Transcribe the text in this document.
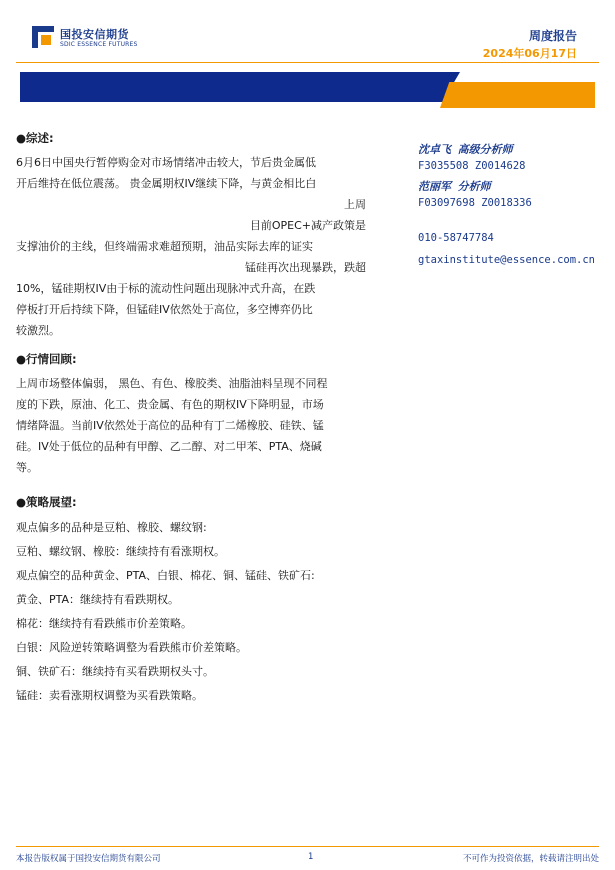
国投安信期货
SDIC ESSENCE FUTURES
周度报告
2024年06月17日
商品期权周度报告
●综述:
6月6日中国央行暂停购金对市场情绪冲击较大，节后贵金属低
开后维持在低位震荡。 贵金属期权IV继续下降，与黄金相比白
上周
目前OPEC+减产政策是
支撑油价的主线，但终端需求难超预期，油品实际去库的证实
锰硅再次出现暴跌，跌超
10%，锰硅期权IV由于标的流动性问题出现脉冲式升高，在跌
停板打开后持续下降，但锰硅IV依然处于高位，多空博弈仍比
较激烈。
●行情回顾:
上周市场整体偏弱， 黑色、有色、橡胶类、油脂油料呈现不同程
度的下跌，原油、化工、贵金属、有色的期权IV下降明显，市场
情绪降温。当前IV依然处于高位的品种有丁二烯橡胶、硅铁、锰
硅。IV处于低位的品种有甲醇、乙二醇、对二甲苯、PTA、烧碱
等。
●策略展望:
观点偏多的品种是豆粕、橡胶、螺纹钢:
豆粕、螺纹钢、橡胶：继续持有看涨期权。
观点偏空的品种黄金、PTA、白银、棉花、铜、锰硅、铁矿石:
黄金、PTA：继续持有看跌期权。
棉花：继续持有看跌熊市价差策略。
白银：风险逆转策略调整为看跌熊市价差策略。
铜、铁矿石：继续持有买看跌期权头寸。
锰硅：卖看涨期权调整为买看跌策略。
沈卓飞 高级分析师
F3035508 Z0014628
范丽军 分析师
F03097698 Z0018336
010-58747784
gtaxinstitute@essence.com.cn
本报告版权属于国投安信期货有限公司	1	不可作为投资依据，转载请注明出处
